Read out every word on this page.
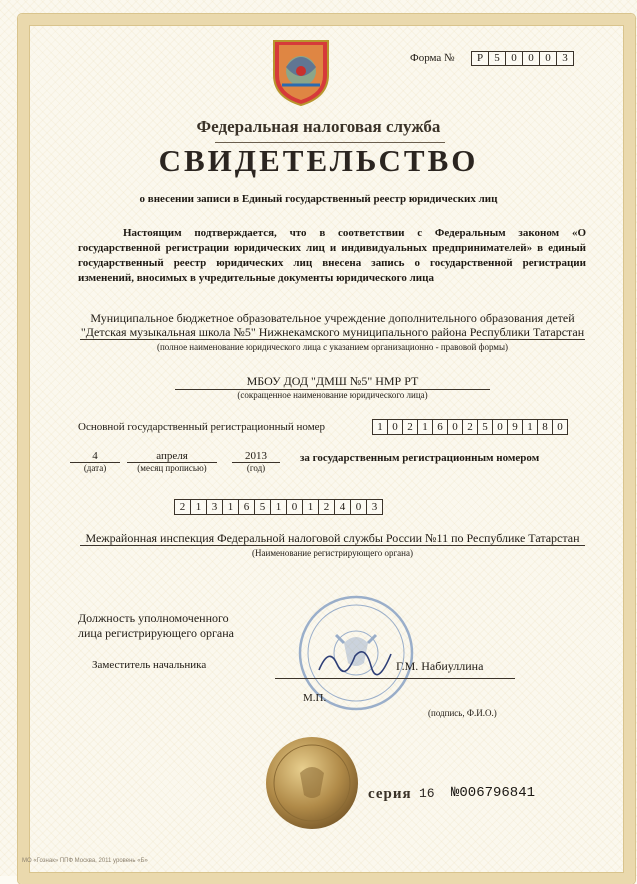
Форма №	Р	5	0	0	0	3
Федеральная налоговая служба
СВИДЕТЕЛЬСТВО
о внесении записи в Единый государственный реестр юридических лиц
Настоящим подтверждается, что в соответствии с Федеральным законом «О государственной регистрации юридических лиц и индивидуальных предпринимателей» в единый государственный реестр юридических лиц внесена запись о государственной регистрации изменений, вносимых в учредительные документы юридического лица
Муниципальное бюджетное образовательное учреждение дополнительного образования детей "Детская музыкальная школа №5" Нижнекамского муниципального района Республики Татарстан
(полное наименование юридического лица с указанием организационно - правовой формы)
МБОУ ДОД "ДМШ №5" НМР РТ
(сокращенное наименование юридического лица)
Основной государственный регистрационный номер	1 0 2 1 6 0 2 5 0 9 1 8 0
4
(дата)
апреля
(месяц прописью)
2013
(год)
за государственным регистрационным номером
2 1 3 1 6 5 1 0 1 2 4 0 3
Межрайонная инспекция Федеральной налоговой службы России №11 по Республике Татарстан
(Наименование регистрирующего органа)
Должность уполномоченного
лица регистрирующего органа
Заместитель начальника	Г.М. Набиуллина
М.П.
(подпись, Ф.И.О.)
серия 16 №006796841
МО «Гознак» ППФ Москва, 2011 уровень «Б»
